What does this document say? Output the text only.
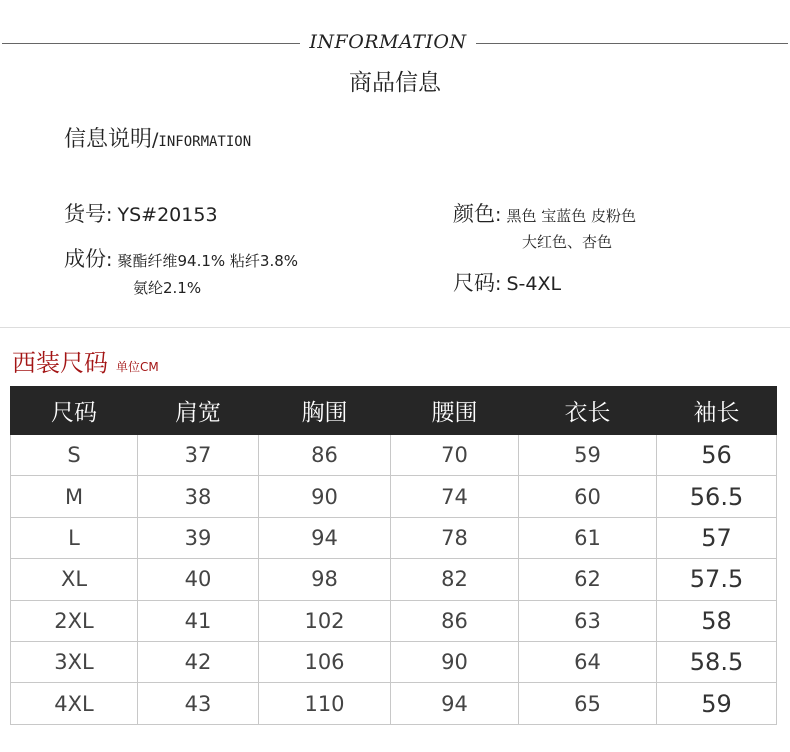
INFORMATION
商品信息
信息说明/INFORMATION
货号: YS#20153
成份: 聚酯纤维94.1% 粘纤3.8%
氨纶2.1%
颜色: 黑色 宝蓝色 皮粉色
大红色、杏色
尺码: S-4XL
西装尺码 单位CM
尺码	肩宽	胸围	腰围	衣长	袖长
S	37	86	70	59	56
M	38	90	74	60	56.5
L	39	94	78	61	57
XL	40	98	82	62	57.5
2XL	41	102	86	63	58
3XL	42	106	90	64	58.5
4XL	43	110	94	65	59
